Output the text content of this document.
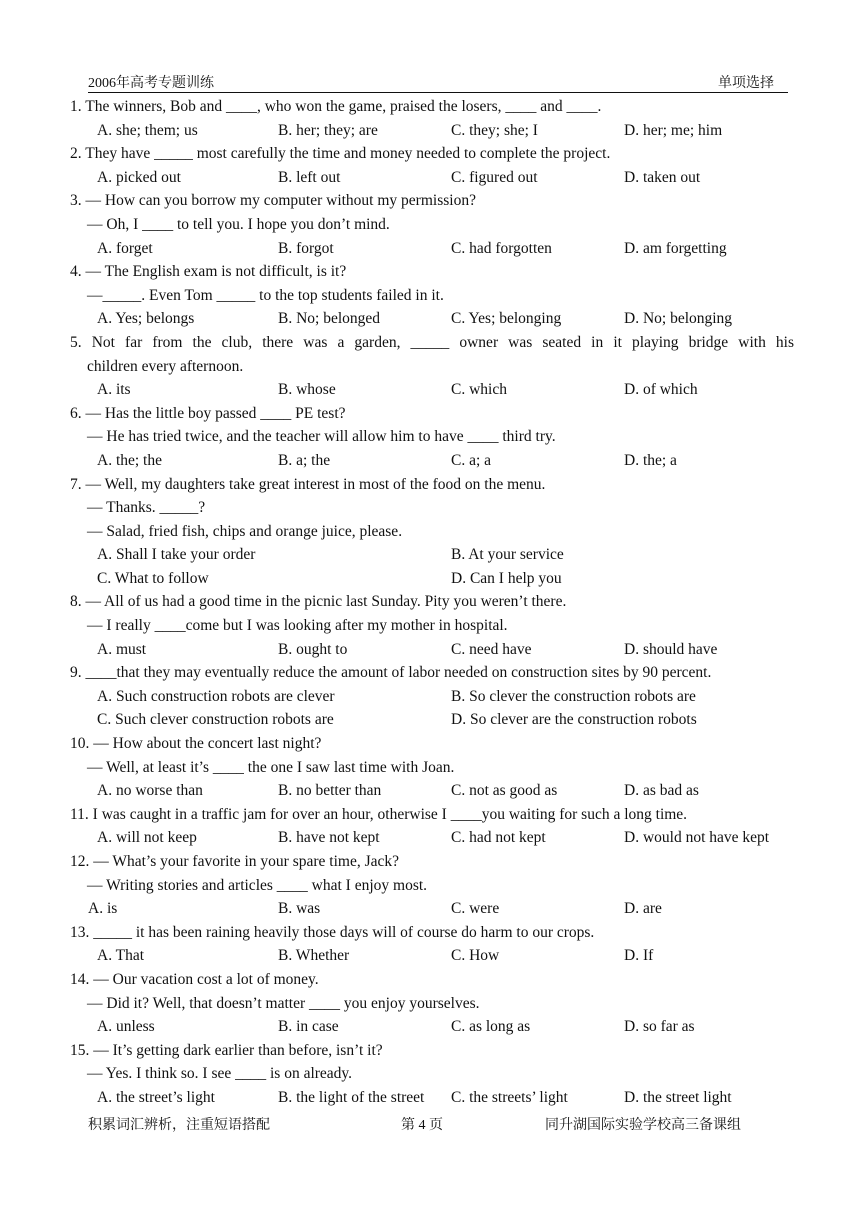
2006年高考专题训练	单项选择
1. The winners, Bob and ____, who won the game, praised the losers, ____ and ____.
A. she; them; us	B. her; they; are	C. they; she; I	D. her; me; him
2. They have _____ most carefully the time and money needed to complete the project.
A. picked out	B. left out	C. figured out	D. taken out
3. — How can you borrow my computer without my permission?
— Oh, I ____ to tell you. I hope you don’t mind.
A. forget	B. forgot	C. had forgotten	D. am forgetting
4. — The English exam is not difficult, is it?
—_____. Even Tom _____ to the top students failed in it.
A. Yes; belongs	B. No; belonged	C. Yes; belonging	D. No; belonging
5. Not far from the club, there was a garden, _____ owner was seated in it playing bridge with his
children every afternoon.
A. its	B. whose	C. which	D. of which
6. — Has the little boy passed ____ PE test?
— He has tried twice, and the teacher will allow him to have ____ third try.
A. the; the	B. a; the	C. a; a	D. the; a
7. — Well, my daughters take great interest in most of the food on the menu.
— Thanks. _____?
— Salad, fried fish, chips and orange juice, please.
A. Shall I take your order	B. At your service
C. What to follow	D. Can I help you
8. — All of us had a good time in the picnic last Sunday. Pity you weren’t there.
— I really ____come but I was looking after my mother in hospital.
A. must	B. ought to	C. need have	D. should have
9. ____that they may eventually reduce the amount of labor needed on construction sites by 90 percent.
A. Such construction robots are clever	B. So clever the construction robots are
C. Such clever construction robots are	D. So clever are the construction robots
10. — How about the concert last night?
— Well, at least it’s ____ the one I saw last time with Joan.
A. no worse than	B. no better than	C. not as good as	D. as bad as
11. I was caught in a traffic jam for over an hour, otherwise I ____you waiting for such a long time.
A. will not keep	B. have not kept	C. had not kept	D. would not have kept
12. — What’s your favorite in your spare time, Jack?
— Writing stories and articles ____ what I enjoy most.
A. is	B. was	C. were	D. are
13. _____ it has been raining heavily those days will of course do harm to our crops.
A. That	B. Whether	C. How	D. If
14. — Our vacation cost a lot of money.
— Did it? Well, that doesn’t matter ____ you enjoy yourselves.
A. unless	B. in case	C. as long as	D. so far as
15. — It’s getting dark earlier than before, isn’t it?
— Yes. I think so. I see ____ is on already.
A. the street’s light	B. the light of the street C. the streets’ light	D. the street light
积累词汇辨析，注重短语搭配	第 4 页	同升湖国际实验学校高三备课组
